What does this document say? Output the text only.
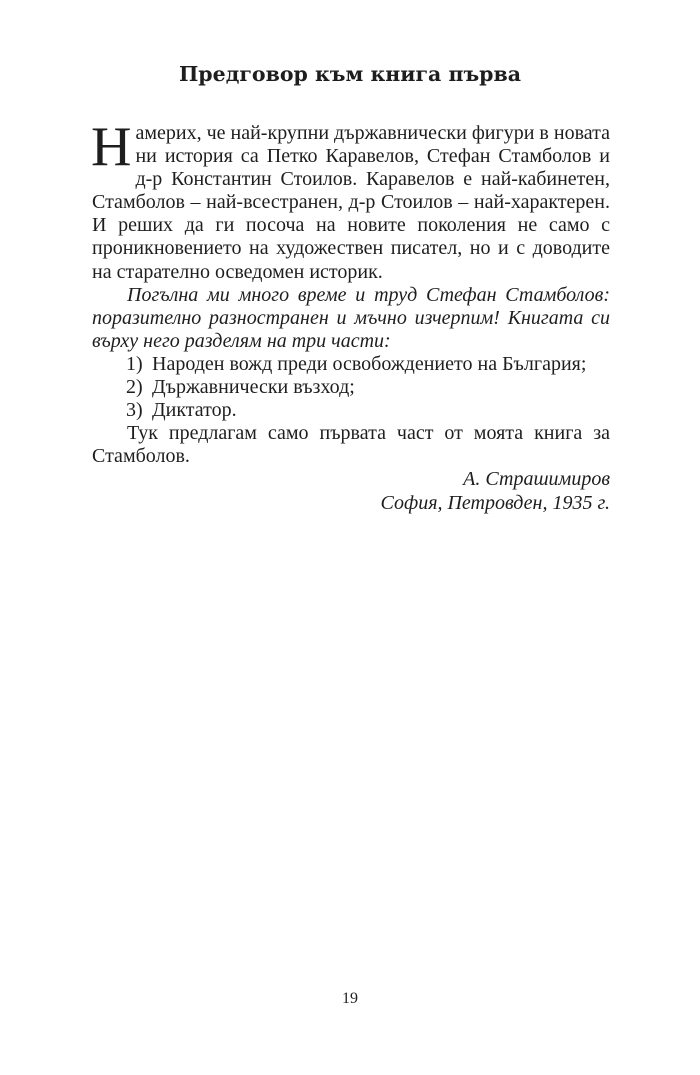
Предговор към книга първа

Намерих, че най-крупни държавнически фигури в новата ни история са Петко Каравелов, Стефан Стамболов и д-р Константин Стоилов. Каравелов е най-кабинетен, Стамболов – най-всестранен, д-р Стоилов – най-характерен. И реших да ги посоча на новите поколения не само с проникновението на художествен писател, но и с доводите на старателно осведомен историк.

Погълна ми много време и труд Стефан Стамболов: поразително разностранен и мъчно изчерпим! Книгата си върху него разделям на три части:

1) Народен вожд преди освобождението на България;
2) Държавнически възход;
3) Диктатор.

Тук предлагам само първата част от моята книга за Стамболов.

А. Страшимиров

София, Петровден, 1935 г.

19
